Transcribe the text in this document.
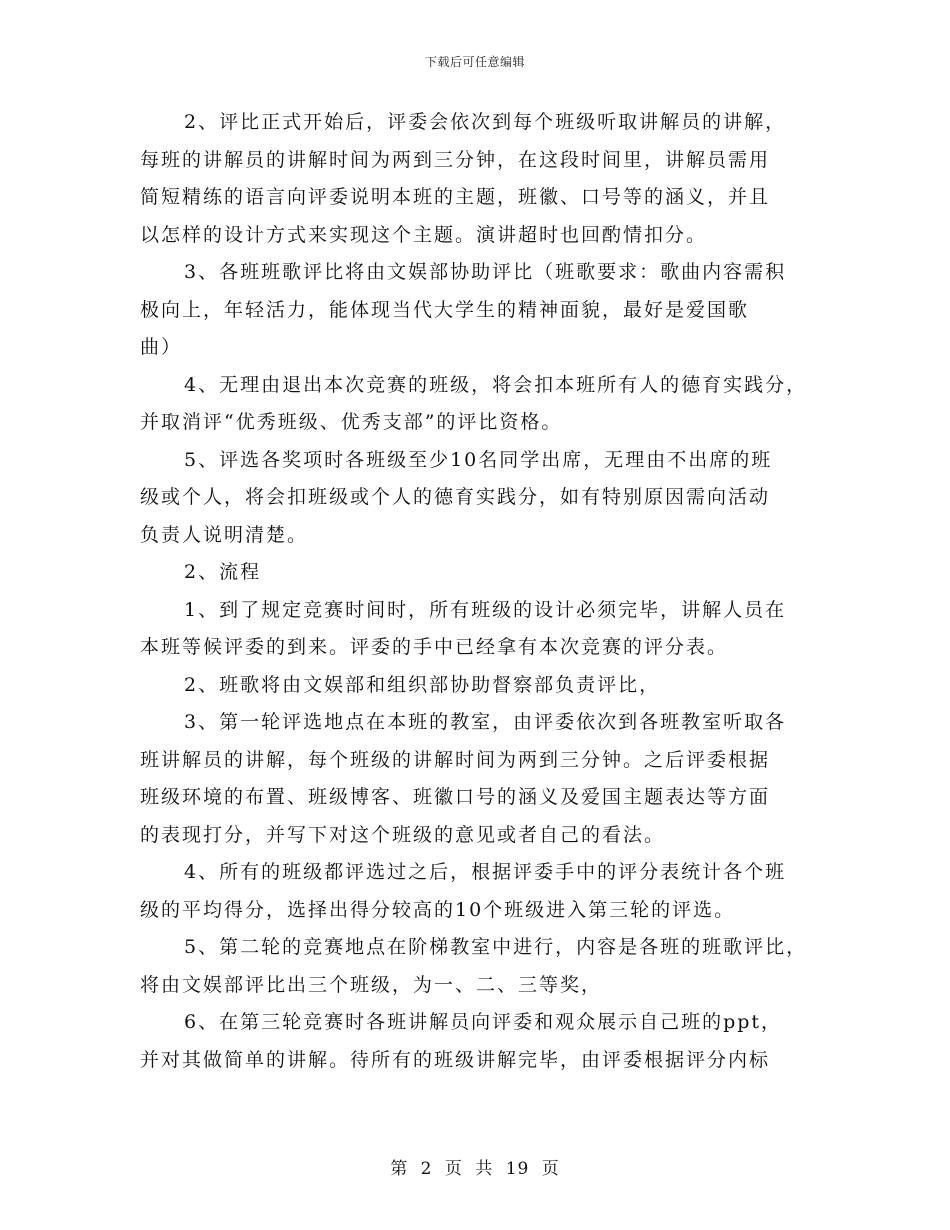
下载后可任意编辑
2、评比正式开始后，评委会依次到每个班级听取讲解员的讲解，
每班的讲解员的讲解时间为两到三分钟，在这段时间里，讲解员需用
简短精练的语言向评委说明本班的主题，班徽、口号等的涵义，并且
以怎样的设计方式来实现这个主题。演讲超时也回酌情扣分。
3、各班班歌评比将由文娱部协助评比（班歌要求：歌曲内容需积
极向上，年轻活力，能体现当代大学生的精神面貌，最好是爱国歌
曲）
4、无理由退出本次竞赛的班级，将会扣本班所有人的德育实践分，
并取消评“优秀班级、优秀支部”的评比资格。
5、评选各奖项时各班级至少10名同学出席，无理由不出席的班
级或个人，将会扣班级或个人的德育实践分，如有特别原因需向活动
负责人说明清楚。
2、流程
1、到了规定竞赛时间时，所有班级的设计必须完毕，讲解人员在
本班等候评委的到来。评委的手中已经拿有本次竞赛的评分表。
2、班歌将由文娱部和组织部协助督察部负责评比，
3、第一轮评选地点在本班的教室，由评委依次到各班教室听取各
班讲解员的讲解，每个班级的讲解时间为两到三分钟。之后评委根据
班级环境的布置、班级博客、班徽口号的涵义及爱国主题表达等方面
的表现打分，并写下对这个班级的意见或者自己的看法。
4、所有的班级都评选过之后，根据评委手中的评分表统计各个班
级的平均得分，选择出得分较高的10个班级进入第三轮的评选。
5、第二轮的竞赛地点在阶梯教室中进行，内容是各班的班歌评比，
将由文娱部评比出三个班级，为一、二、三等奖，
6、在第三轮竞赛时各班讲解员向评委和观众展示自己班的ppt，
并对其做简单的讲解。待所有的班级讲解完毕，由评委根据评分内标
第 2 页 共 19 页
